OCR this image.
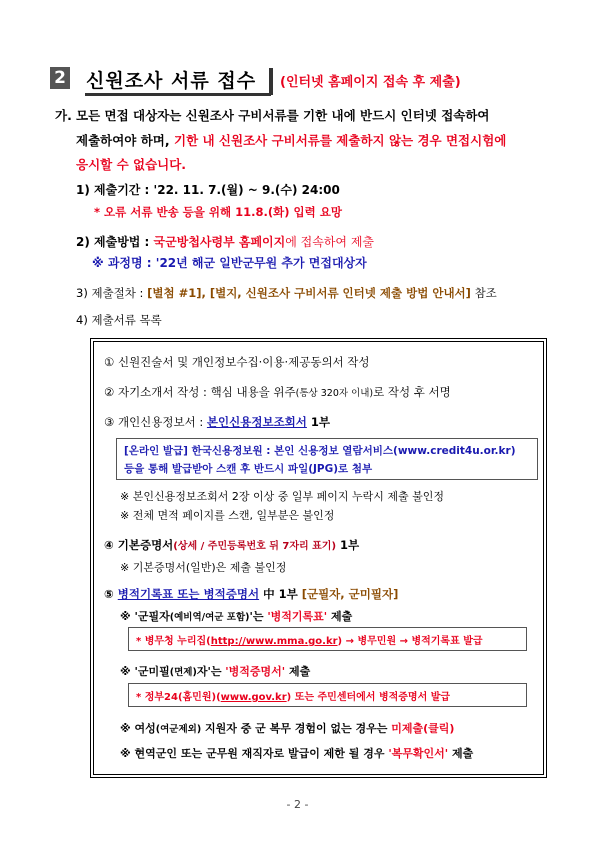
2 신원조사 서류 접수 (인터넷 홈페이지 접속 후 제출)
가. 모든 면접 대상자는 신원조사 구비서류를 기한 내에 반드시 인터넷 접속하여
제출하여야 하며, 기한 내 신원조사 구비서류를 제출하지 않는 경우 면접시험에
응시할 수 없습니다.
1) 제출기간 : '22. 11. 7.(월) ~ 9.(수) 24:00
* 오류 서류 반송 등을 위해 11.8.(화) 입력 요망
2) 제출방법 : 국군방첩사령부 홈페이지에 접속하여 제출
※ 과정명 : '22년 해군 일반군무원 추가 면접대상자
3) 제출절차 : [별첨 #1], [별지, 신원조사 구비서류 인터넷 제출 방법 안내서] 참조
4) 제출서류 목록
① 신원진술서 및 개인정보수집·이용·제공동의서 작성
② 자기소개서 작성 : 핵심 내용을 위주(통상 320자 이내)로 작성 후 서명
③ 개인신용정보서 : 본인신용정보조회서 1부
[온라인 발급] 한국신용정보원 : 본인 신용정보 열람서비스(www.credit4u.or.kr)
등을 통해 발급받아 스캔 후 반드시 파일(JPG)로 첨부
※ 본인신용정보조회서 2장 이상 중 일부 페이지 누락시 제출 불인정
※ 전체 면적 페이지를 스캔, 일부분은 불인정
④ 기본증명서(상세 / 주민등록번호 뒤 7자리 표기) 1부
※ 기본증명서(일반)은 제출 불인정
⑤ 병적기록표 또는 병적증명서 中 1부 [군필자, 군미필자]
※ '군필자(예비역/여군 포함)'는 '병적기록표' 제출
* 병무청 누리집(http://www.mma.go.kr) → 병무민원 → 병적기록표 발급
※ '군미필(면제)자'는 '병적증명서' 제출
* 정부24(홈민원)(www.gov.kr) 또는 주민센터에서 병적증명서 발급
※ 여성(여군제외) 지원자 중 군 복무 경험이 없는 경우는 미제출(클릭)
※ 현역군인 또는 군무원 재직자로 발급이 제한 될 경우 '복무확인서' 제출
- 2 -
